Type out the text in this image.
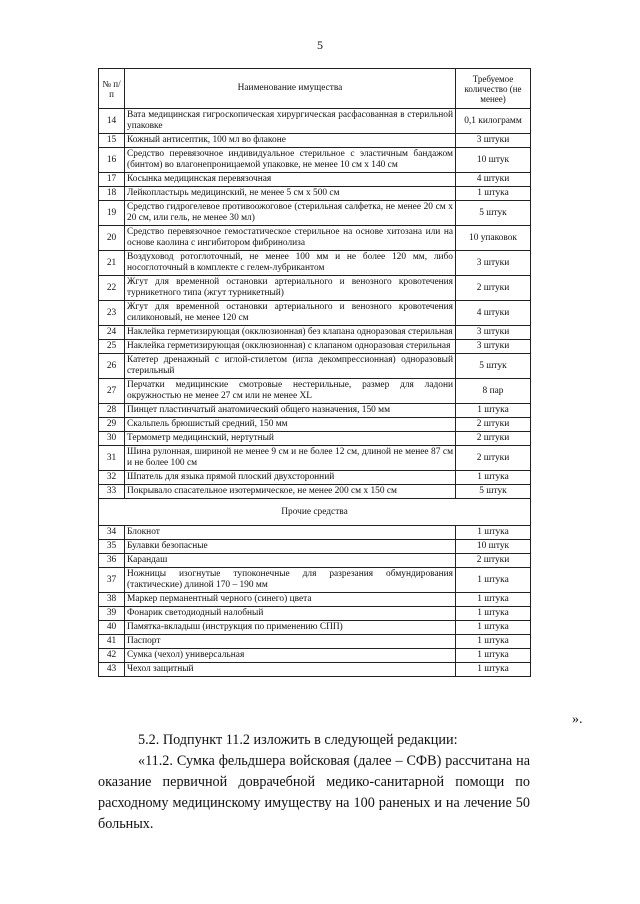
5
№ п/п	Наименование имущества	Требуемое количество (не менее)
14	Вата медицинская гигроскопическая хирургическая расфасованная в стерильной упаковке	0,1 килограмм
15	Кожный антисептик, 100 мл во флаконе	3 штуки
16	Средство перевязочное индивидуальное стерильное с эластичным бандажом (бинтом) во влагонепроницаемой упаковке, не менее 10 см х 140 см	10 штук
17	Косынка медицинская перевязочная	4 штуки
18	Лейкопластырь медицинский, не менее 5 см х 500 см	1 штука
19	Средство гидрогелевое противоожоговое (стерильная салфетка, не менее 20 см х 20 см, или гель, не менее 30 мл)	5 штук
20	Средство перевязочное гемостатическое стерильное на основе хитозана или на основе каолина с ингибитором фибринолиза	10 упаковок
21	Воздуховод ротоглоточный, не менее 100 мм и не более 120 мм, либо носоглоточный в комплекте с гелем-лубрикантом	3 штуки
22	Жгут для временной остановки артериального и венозного кровотечения турникетного типа (жгут турникетный)	2 штуки
23	Жгут для временной остановки артериального и венозного кровотечения силиконовый, не менее 120 см	4 штуки
24	Наклейка герметизирующая (окклюзионная) без клапана одноразовая стерильная	3 штуки
25	Наклейка герметизирующая (окклюзионная) с клапаном одноразовая стерильная	3 штуки
26	Катетер дренажный с иглой-стилетом (игла декомпрессионная) одноразовый стерильный	5 штук
27	Перчатки медицинские смотровые нестерильные, размер для ладони окружностью не менее 27 см или не менее XL	8 пар
28	Пинцет пластинчатый анатомический общего назначения, 150 мм	1 штука
29	Скальпель брюшистый средний, 150 мм	2 штуки
30	Термометр медицинский, нертутный	2 штуки
31	Шина рулонная, шириной не менее 9 см и не более 12 см, длиной не менее 87 см и не более 100 см	2 штуки
32	Шпатель для языка прямой плоский двухсторонний	1 штука
33	Покрывало спасательное изотермическое, не менее 200 см х 150 см	5 штук
Прочие средства		
34	Блокнот	1 штука
35	Булавки безопасные	10 штук
36	Карандаш	2 штуки
37	Ножницы изогнутые тупоконечные для разрезания обмундирования (тактические) длиной 170 – 190 мм	1 штука
38	Маркер перманентный черного (синего) цвета	1 штука
39	Фонарик светодиодный налобный	1 штука
40	Памятка-вкладыш (инструкция по применению СПП)	1 штука
41	Паспорт	1 штука
42	Сумка (чехол) универсальная	1 штука
43	Чехол защитный	1 штука
».
5.2. Подпункт 11.2 изложить в следующей редакции:
«11.2. Сумка фельдшера войсковая (далее – СФВ) рассчитана на оказание первичной доврачебной медико-санитарной помощи по расходному медицинскому имуществу на 100 раненых и на лечение 50 больных.
